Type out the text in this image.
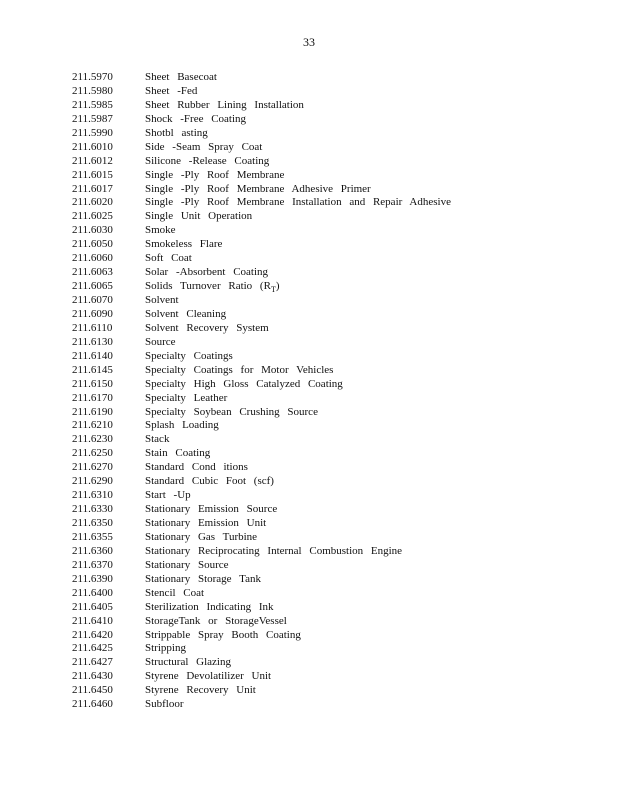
33
211.5970	Sheet Basecoat
211.5980	Sheet -Fed
211.5985	Sheet Rubber Lining Installation
211.5987	Shock -Free Coating
211.5990	Shotbl asting
211.6010	Side -Seam Spray Coat
211.6012	Silicone -Release Coating
211.6015	Single -Ply Roof Membrane
211.6017	Single -Ply Roof Membrane Adhesive Primer
211.6020	Single -Ply Roof Membrane Installation and Repair Adhesive
211.6025	Single Unit Operation
211.6030	Smoke
211.6050	Smokeless Flare
211.6060	Soft Coat
211.6063	Solar -Absorbent Coating
211.6065	Solids Turnover Ratio $(R_T)$
211.6070	Solvent
211.6090	Solvent Cleaning
211.6110	Solvent Recovery System
211.6130	Source
211.6140	Specialty Coatings
211.6145	Specialty Coatings for Motor Vehicles
211.6150	Specialty High Gloss Catalyzed Coating
211.6170	Specialty Leather
211.6190	Specialty Soybean Crushing Source
211.6210	Splash Loading
211.6230	Stack
211.6250	Stain Coating
211.6270	Standard Cond itions
211.6290	Standard Cubic Foot (scf)
211.6310	Start -Up
211.6330	Stationary Emission Source
211.6350	Stationary Emission Unit
211.6355	Stationary Gas Turbine
211.6360	Stationary Reciprocating Internal Combustion Engine
211.6370	Stationary Source
211.6390	Stationary Storage Tank
211.6400	Stencil Coat
211.6405	Sterilization Indicating Ink
211.6410	StorageTank or StorageVessel
211.6420	Strippable Spray Booth Coating
211.6425	Stripping
211.6427	Structural Glazing
211.6430	Styrene Devolatilizer Unit
211.6450	Styrene Recovery Unit
211.6460	Subfloor
